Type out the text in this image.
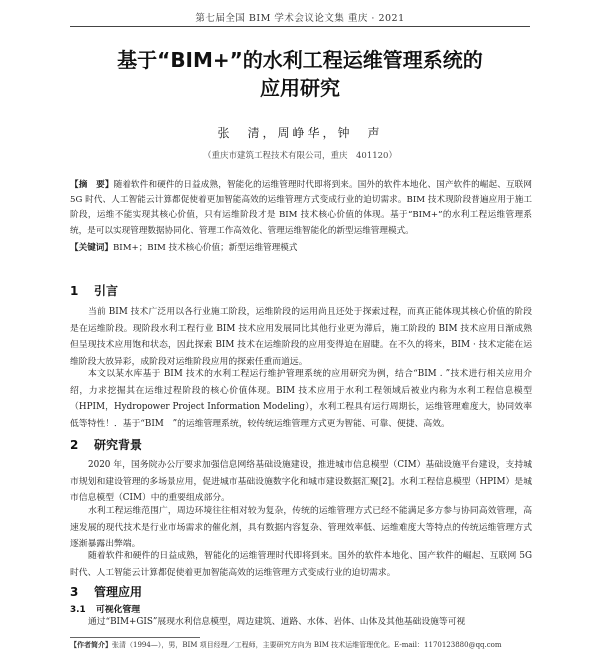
第七届全国 BIM 学术会议论文集 重庆 · 2021
基于“BIM+”的水利工程运维管理系统的
应用研究
张　清，周峥华，钟　声
（重庆市建筑工程技术有限公司，重庆　401120）
【摘　要】随着软件和硬件的日益成熟，智能化的运维管理时代即将到来。国外的软件本地化、国产软件的崛起、互联网 5G 时代、人工智能云计算都促使着更加智能高效的运维管理方式变成行业的迫切需求。BIM 技术现阶段普遍应用于施工阶段，运维不能实现其核心价值，只有运维阶段才是 BIM 技术核心价值的体现。基于“BIM+”的水利工程运维管理系统，是可以实现管理数据协同化、管理工作高效化、管理运维智能化的新型运维管理模式。
【关键词】BIM+；BIM 技术核心价值；新型运维管理模式
1 引言
当前 BIM 技术广泛用以各行业施工阶段，运维阶段的运用尚且还处于探索过程，而真正能体现其核心价值的阶段是在运维阶段。现阶段水利工程行业 BIM 技术应用发展同比其他行业更为滞后，施工阶段的 BIM 技术应用日渐成熟但呈现技术应用饱和状态，因此探索 BIM 技术在运维阶段的应用变得迫在眉睫。在不久的将来，BIM · 技术定能在运维阶段大放异彩，成阶段对运维阶段应用的探索任重而道远。
本文以某水库基于 BIM 技术的水利工程运行维护管理系统的应用研究为例，结合“BIM . ”技术进行相关应用介绍，力求挖掘其在运维过程阶段的核心价值体现。BIM 技术应用于水利工程领域后被业内称为水利工程信息模型（HPIM，Hydropower Project Information Modeling），水利工程具有运行周期长，运维管理难度大，协同效率低等特性！．基于“BIM　”的运维管理系统，较传统运维管理方式更为智能、可靠、便捷、高效。
2 研究背景
2020 年，国务院办公厅要求加强信息网络基础设施建设，推进城市信息模型（CIM）基础设施平台建设，支持城市规划和建设管理的多场景应用，促进城市基础设施数字化和城市建设数据汇聚[2]。水利工程信息模型（HPIM）是城市信息模型（CIM）中的重要组成部分。
水利工程运维范围广，周边环境往往相对较为复杂，传统的运维管理方式已经不能满足多方参与协同高效管理，高速发展的现代技术是行业市场需求的催化剂，具有数据内容复杂、管理效率低、运维难度大等特点的传统运维管理方式逐渐暴露出弊端。
随着软件和硬件的日益成熟，智能化的运维管理时代即将到来。国外的软件本地化、国产软件的崛起、互联网 5G 时代、人工智能云计算都促使着更加智能高效的运维管理方式变成行业的迫切需求。
3 管理应用
3.1 可视化管理
通过“BIM+GIS”展现水利信息模型，周边建筑、道路、水体、岩体、山体及其他基础设施等可视
【作者简介】张清（1994—），男，BIM 项目经理／工程师，主要研究方向为 BIM 技术运维管理优化。E-mail：1170123880@qq.com
